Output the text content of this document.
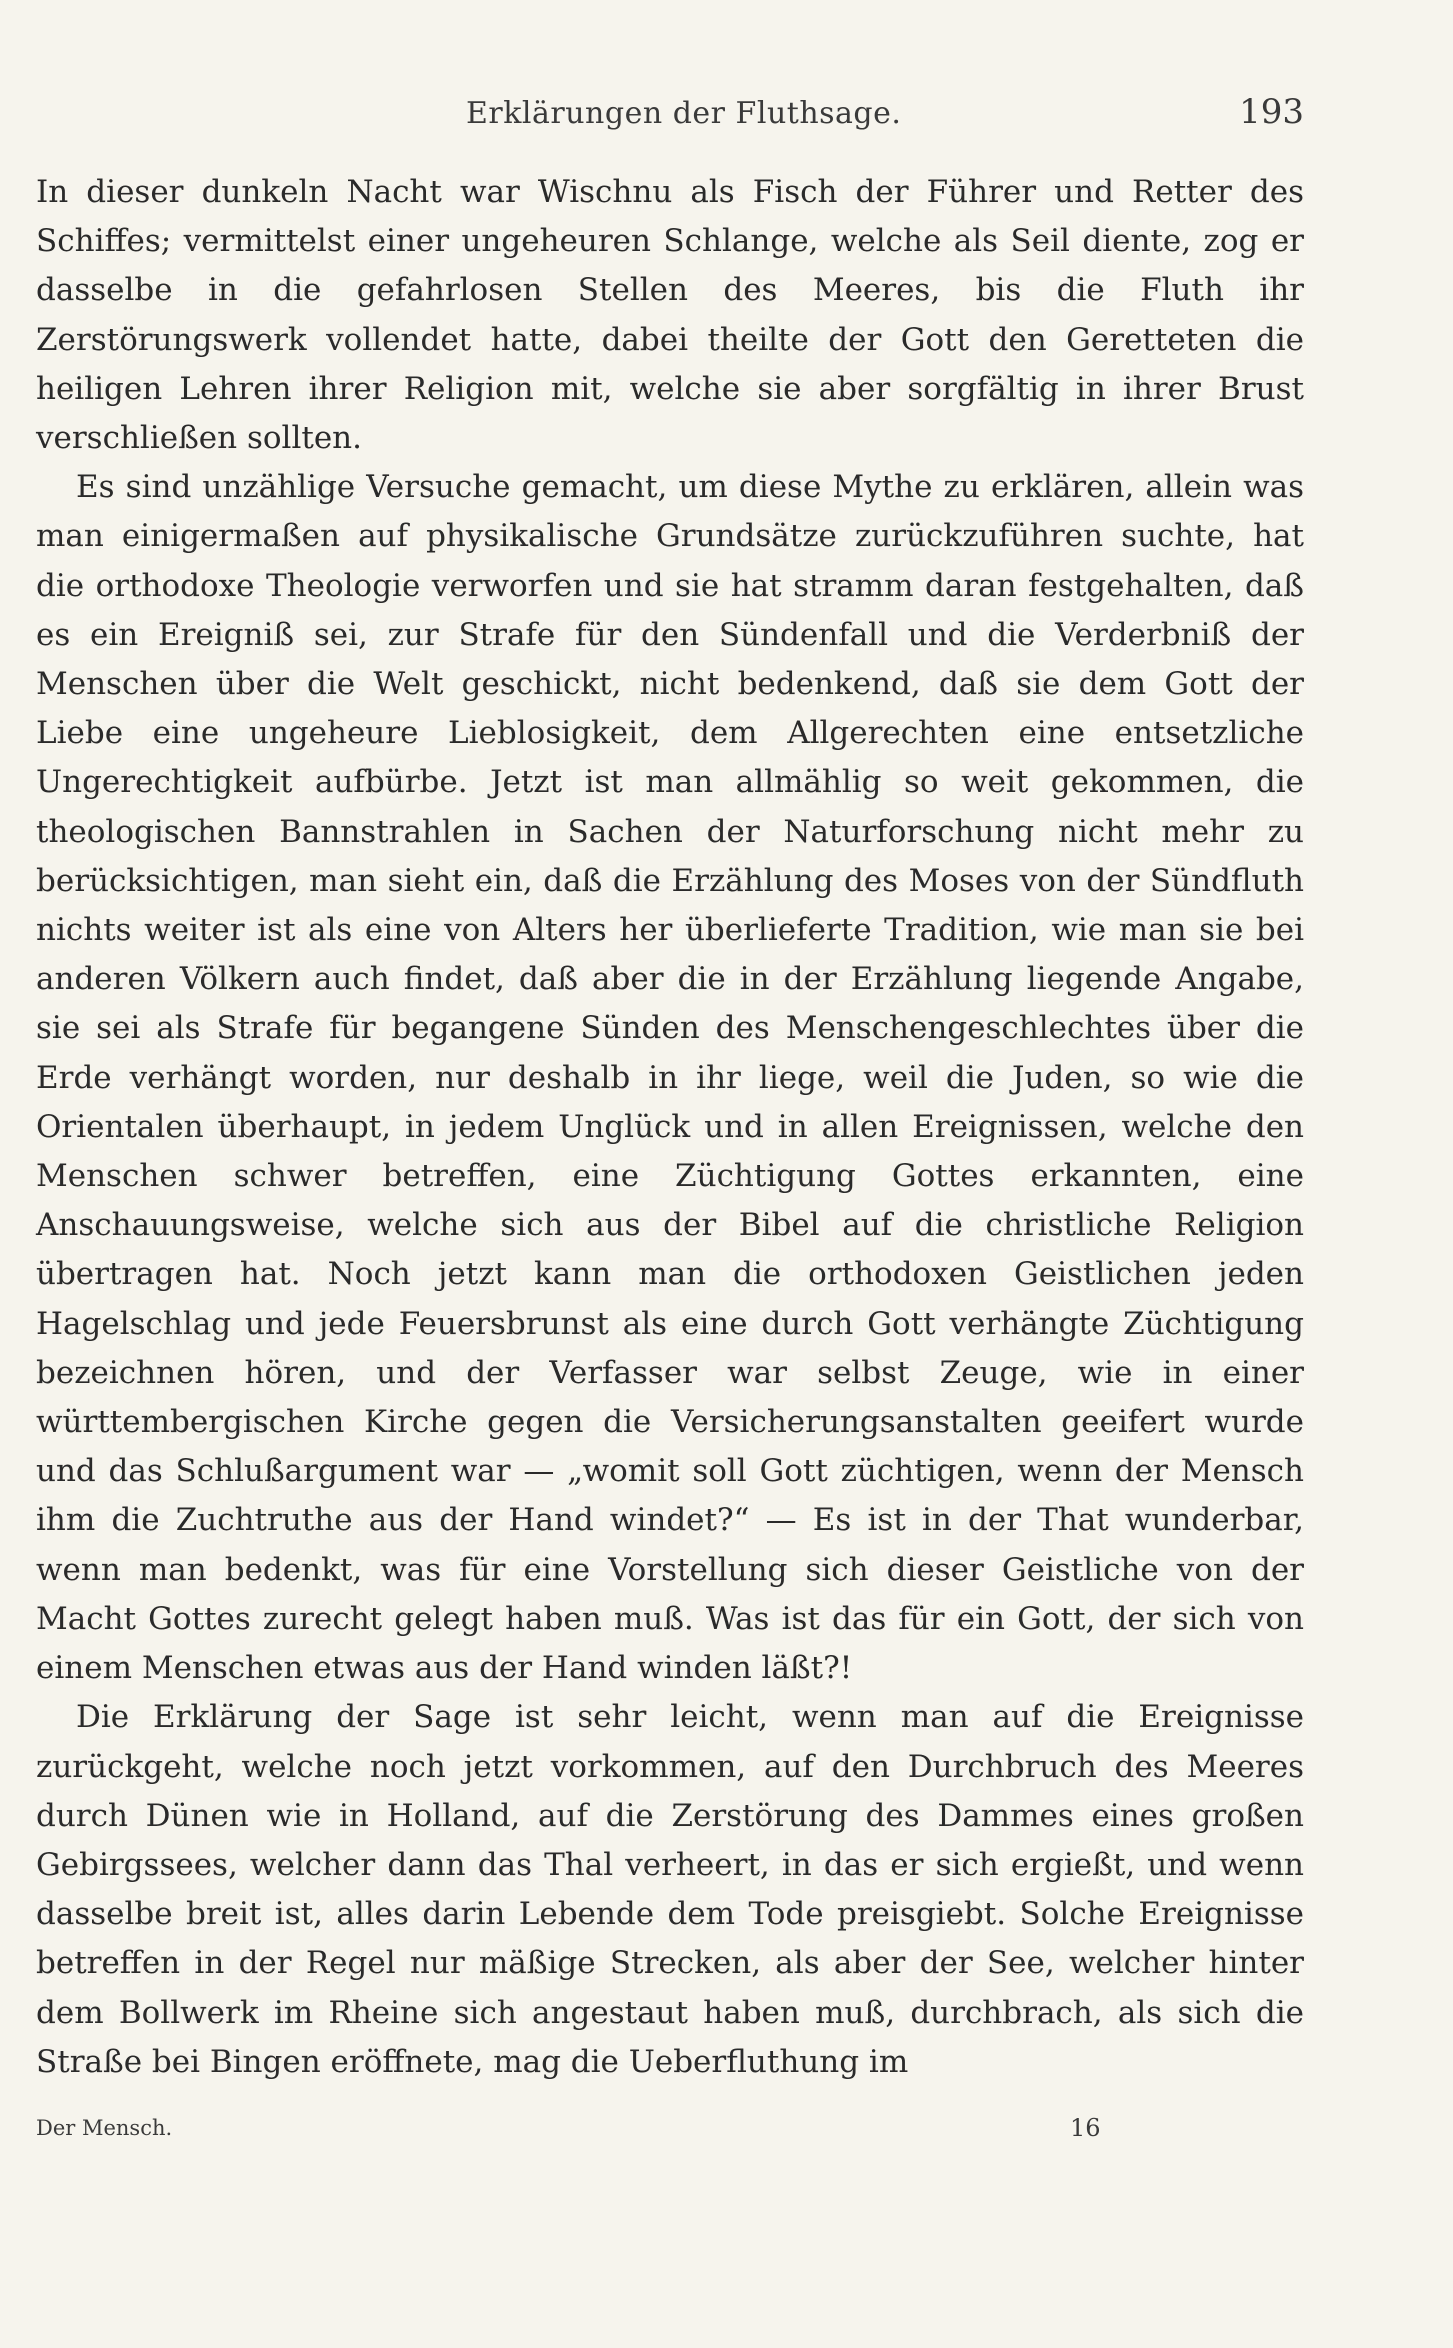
Erklärungen der Fluthsage.	193

In dieser dunkeln Nacht war Wischnu als Fisch der Führer und Retter des Schiffes; vermittelst einer ungeheuren Schlange, welche als Seil diente, zog er dasselbe in die gefahrlosen Stellen des Meeres, bis die Fluth ihr Zerstörungswerk vollendet hatte, dabei theilte der Gott den Geretteten die heiligen Lehren ihrer Religion mit, welche sie aber sorgfältig in ihrer Brust verschließen sollten.

Es sind unzählige Versuche gemacht, um diese Mythe zu erklären, allein was man einigermaßen auf physikalische Grundsätze zurückzuführen suchte, hat die orthodoxe Theologie verworfen und sie hat stramm daran festgehalten, daß es ein Ereigniß sei, zur Strafe für den Sündenfall und die Verderbniß der Menschen über die Welt geschickt, nicht bedenkend, daß sie dem Gott der Liebe eine ungeheure Lieblosigkeit, dem Allgerechten eine entsetzliche Ungerechtigkeit aufbürbe. Jetzt ist man allmählig so weit gekommen, die theologischen Bannstrahlen in Sachen der Naturforschung nicht mehr zu berücksichtigen, man sieht ein, daß die Erzählung des Moses von der Sündfluth nichts weiter ist als eine von Alters her überlieferte Tradition, wie man sie bei anderen Völkern auch findet, daß aber die in der Erzählung liegende Angabe, sie sei als Strafe für begangene Sünden des Menschengeschlechtes über die Erde verhängt worden, nur deshalb in ihr liege, weil die Juden, so wie die Orientalen überhaupt, in jedem Unglück und in allen Ereignissen, welche den Menschen schwer betreffen, eine Züchtigung Gottes erkannten, eine Anschauungsweise, welche sich aus der Bibel auf die christliche Religion übertragen hat. Noch jetzt kann man die orthodoxen Geistlichen jeden Hagelschlag und jede Feuersbrunst als eine durch Gott verhängte Züchtigung bezeichnen hören, und der Verfasser war selbst Zeuge, wie in einer württembergischen Kirche gegen die Versicherungsanstalten geeifert wurde und das Schlußargument war — „womit soll Gott züchtigen, wenn der Mensch ihm die Zuchtruthe aus der Hand windet?“ — Es ist in der That wunderbar, wenn man bedenkt, was für eine Vorstellung sich dieser Geistliche von der Macht Gottes zurecht gelegt haben muß. Was ist das für ein Gott, der sich von einem Menschen etwas aus der Hand winden läßt?!

Die Erklärung der Sage ist sehr leicht, wenn man auf die Ereignisse zurückgeht, welche noch jetzt vorkommen, auf den Durchbruch des Meeres durch Dünen wie in Holland, auf die Zerstörung des Dammes eines großen Gebirgssees, welcher dann das Thal verheert, in das er sich ergießt, und wenn dasselbe breit ist, alles darin Lebende dem Tode preisgiebt. Solche Ereignisse betreffen in der Regel nur mäßige Strecken, als aber der See, welcher hinter dem Bollwerk im Rheine sich angestaut haben muß, durchbrach, als sich die Straße bei Bingen eröffnete, mag die Ueberfluthung im

Der Mensch.	16
